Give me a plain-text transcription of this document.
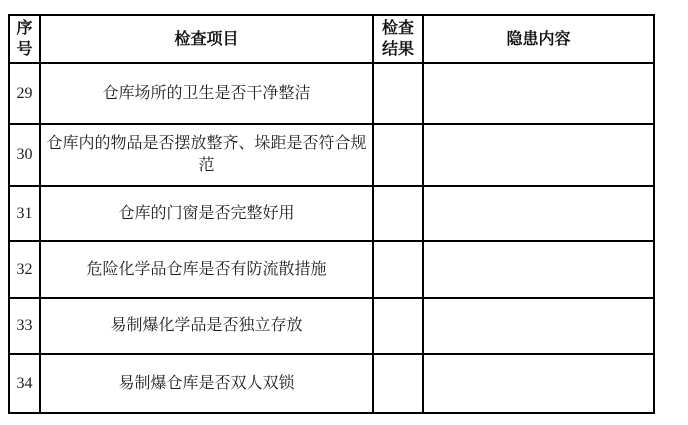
序号	检查项目	检查结果	隐患内容
29	仓库场所的卫生是否干净整洁		
30	仓库内的物品是否摆放整齐、垛距是否符合规范		
31	仓库的门窗是否完整好用		
32	危险化学品仓库是否有防流散措施		
33	易制爆化学品是否独立存放		
34	易制爆仓库是否双人双锁		
